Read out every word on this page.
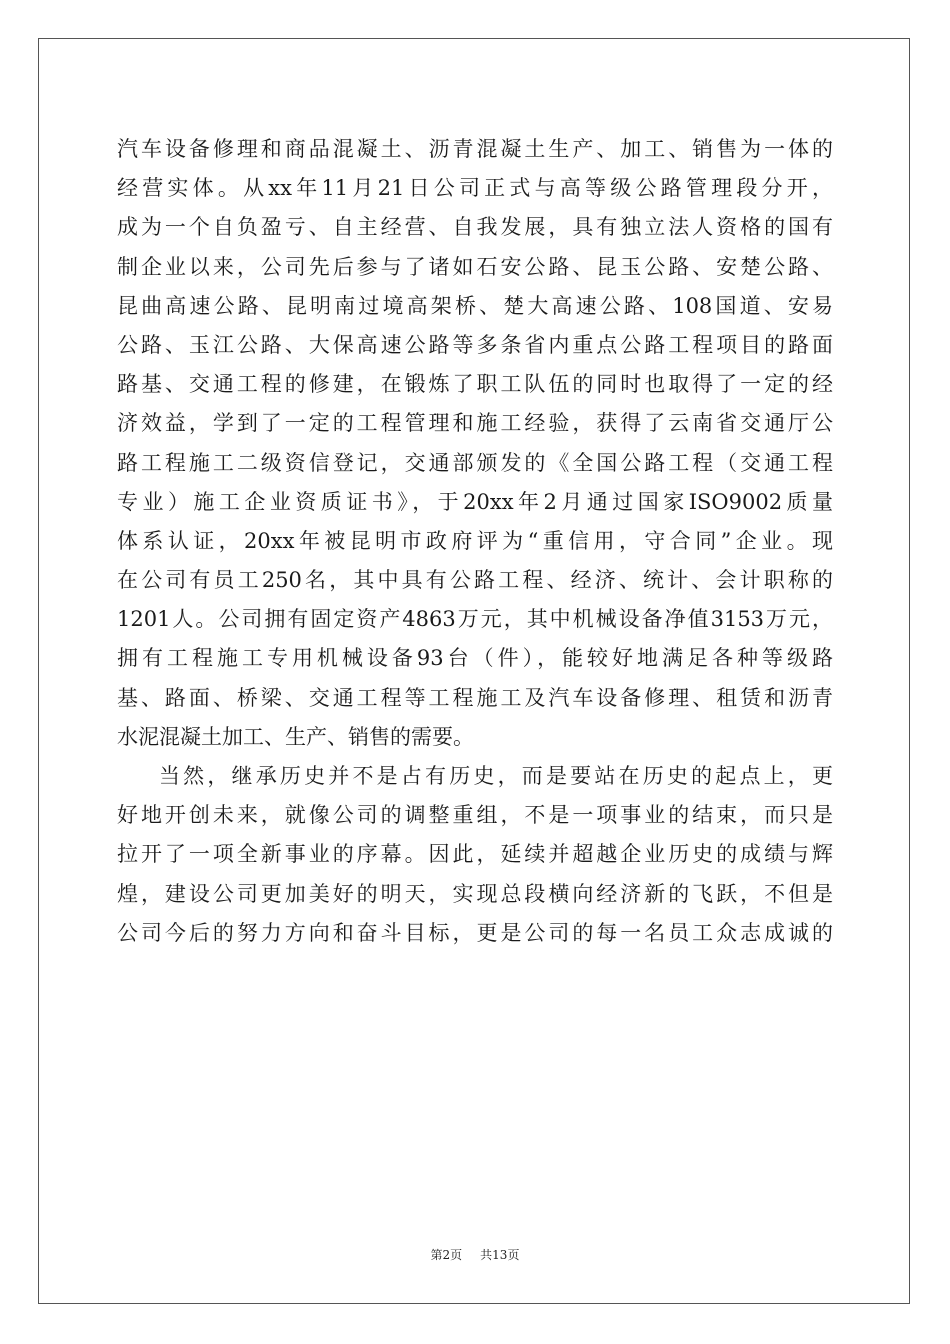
汽车设备修理和商品混凝土、沥青混凝土生产、加工、销售为一体的
经营实体。从xx年11月21日公司正式与高等级公路管理段分开，
成为一个自负盈亏、自主经营、自我发展，具有独立法人资格的国有
制企业以来，公司先后参与了诸如石安公路、昆玉公路、安楚公路、
昆曲高速公路、昆明南过境高架桥、楚大高速公路、108国道、安易
公路、玉江公路、大保高速公路等多条省内重点公路工程项目的路面
路基、交通工程的修建，在锻炼了职工队伍的同时也取得了一定的经
济效益，学到了一定的工程管理和施工经验，获得了云南省交通厅公
路工程施工二级资信登记，交通部颁发的《全国公路工程（交通工程
专业）施工企业资质证书》，于20xx年2月通过国家ISO9002质量
体系认证，20xx年被昆明市政府评为“重信用，守合同”企业。现
在公司有员工250名，其中具有公路工程、经济、统计、会计职称的
1201人。公司拥有固定资产4863万元，其中机械设备净值3153万元，
拥有工程施工专用机械设备93台（件），能较好地满足各种等级路
基、路面、桥梁、交通工程等工程施工及汽车设备修理、租赁和沥青
水泥混凝土加工、生产、销售的需要。
当然，继承历史并不是占有历史，而是要站在历史的起点上，更
好地开创未来，就像公司的调整重组，不是一项事业的结束，而只是
拉开了一项全新事业的序幕。因此，延续并超越企业历史的成绩与辉
煌，建设公司更加美好的明天，实现总段横向经济新的飞跃，不但是
公司今后的努力方向和奋斗目标，更是公司的每一名员工众志成诚的
第2页 共13页
